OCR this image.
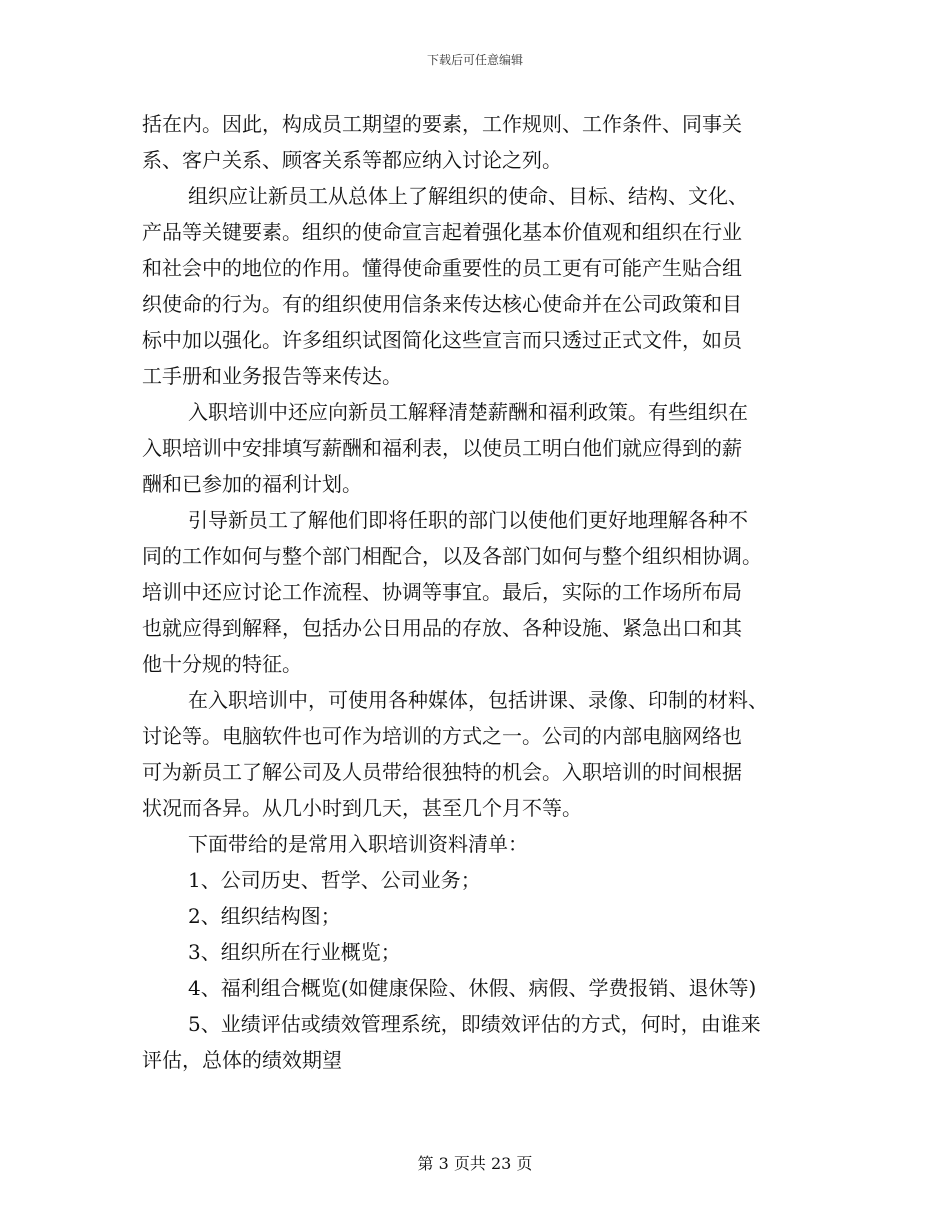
下载后可任意编辑
括在内。因此，构成员工期望的要素，工作规则、工作条件、同事关
系、客户关系、顾客关系等都应纳入讨论之列。
组织应让新员工从总体上了解组织的使命、目标、结构、文化、
产品等关键要素。组织的使命宣言起着强化基本价值观和组织在行业
和社会中的地位的作用。懂得使命重要性的员工更有可能产生贴合组
织使命的行为。有的组织使用信条来传达核心使命并在公司政策和目
标中加以强化。许多组织试图简化这些宣言而只透过正式文件，如员
工手册和业务报告等来传达。
入职培训中还应向新员工解释清楚薪酬和福利政策。有些组织在
入职培训中安排填写薪酬和福利表，以使员工明白他们就应得到的薪
酬和已参加的福利计划。
引导新员工了解他们即将任职的部门以使他们更好地理解各种不
同的工作如何与整个部门相配合，以及各部门如何与整个组织相协调。
培训中还应讨论工作流程、协调等事宜。最后，实际的工作场所布局
也就应得到解释，包括办公日用品的存放、各种设施、紧急出口和其
他十分规的特征。
在入职培训中，可使用各种媒体，包括讲课、录像、印制的材料、
讨论等。电脑软件也可作为培训的方式之一。公司的内部电脑网络也
可为新员工了解公司及人员带给很独特的机会。入职培训的时间根据
状况而各异。从几小时到几天，甚至几个月不等。
下面带给的是常用入职培训资料清单：
1、公司历史、哲学、公司业务；
2、组织结构图；
3、组织所在行业概览；
4、福利组合概览(如健康保险、休假、病假、学费报销、退休等)
5、业绩评估或绩效管理系统，即绩效评估的方式，何时，由谁来
评估，总体的绩效期望
第 3 页共 23 页
